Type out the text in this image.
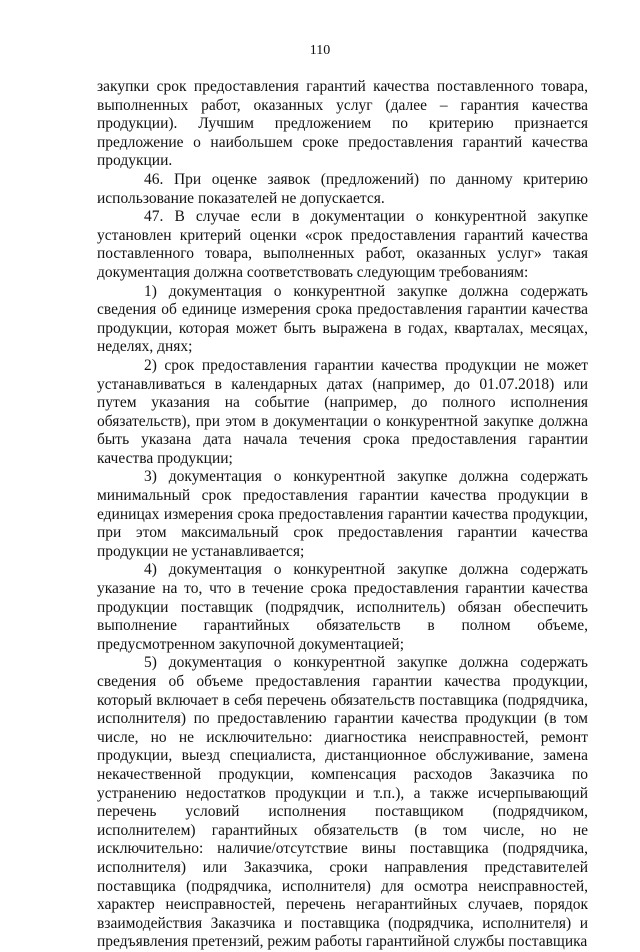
110

закупки срок предоставления гарантий качества поставленного товара, выполненных работ, оказанных услуг (далее – гарантия качества продукции). Лучшим предложением по критерию признается предложение о наибольшем сроке предоставления гарантий качества продукции.

46. При оценке заявок (предложений) по данному критерию использование показателей не допускается.

47. В случае если в документации о конкурентной закупке установлен критерий оценки «срок предоставления гарантий качества поставленного товара, выполненных работ, оказанных услуг» такая документация должна соответствовать следующим требованиям:

1) документация о конкурентной закупке должна содержать сведения об единице измерения срока предоставления гарантии качества продукции, которая может быть выражена в годах, кварталах, месяцах, неделях, днях;

2) срок предоставления гарантии качества продукции не может устанавливаться в календарных датах (например, до 01.07.2018) или путем указания на событие (например, до полного исполнения обязательств), при этом в документации о конкурентной закупке должна быть указана дата начала течения срока предоставления гарантии качества продукции;

3) документация о конкурентной закупке должна содержать минимальный срок предоставления гарантии качества продукции в единицах измерения срока предоставления гарантии качества продукции, при этом максимальный срок предоставления гарантии качества продукции не устанавливается;

4) документация о конкурентной закупке должна содержать указание на то, что в течение срока предоставления гарантии качества продукции поставщик (подрядчик, исполнитель) обязан обеспечить выполнение гарантийных обязательств в полном объеме, предусмотренном закупочной документацией;

5) документация о конкурентной закупке должна содержать сведения об объеме предоставления гарантии качества продукции, который включает в себя перечень обязательств поставщика (подрядчика, исполнителя) по предоставлению гарантии качества продукции (в том числе, но не исключительно: диагностика неисправностей, ремонт продукции, выезд специалиста, дистанционное обслуживание, замена некачественной продукции, компенсация расходов Заказчика по устранению недостатков продукции и т.п.), а также исчерпывающий перечень условий исполнения поставщиком (подрядчиком, исполнителем) гарантийных обязательств (в том числе, но не исключительно: наличие/отсутствие вины поставщика (подрядчика, исполнителя) или Заказчика, сроки направления представителей поставщика (подрядчика, исполнителя) для осмотра неисправностей, характер неисправностей, перечень негарантийных случаев, порядок взаимодействия Заказчика и поставщика (подрядчика, исполнителя) и предъявления претензий, режим работы гарантийной службы поставщика
